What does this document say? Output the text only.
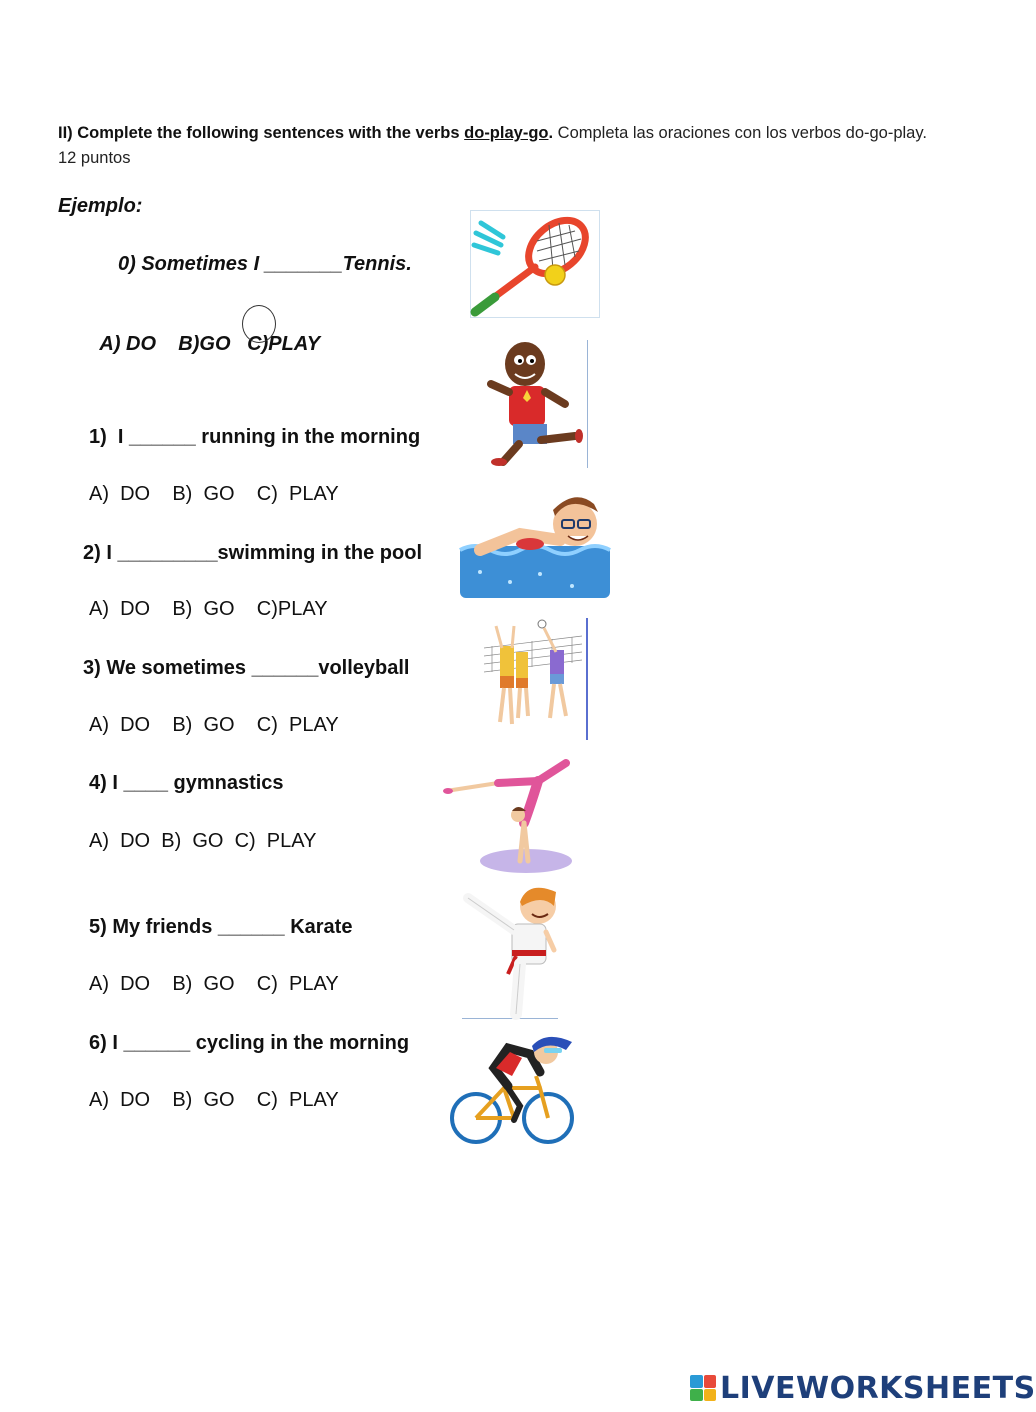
II) Complete the following sentences with the verbs do-play-go. Completa las oraciones con los verbos do-go-play. 12 puntos
Ejemplo:
0) Sometimes I _______Tennis.

A) DO B)GO C)PLAY

1)  I ______ running in the morning
A)  DO    B)  GO    C)  PLAY
2) I _________swimming in the pool
A)  DO    B)  GO    C)PLAY
3) We sometimes ______volleyball
A)  DO    B)  GO    C)  PLAY
4) I ____ gymnastics
A)  DO  B)  GO  C)  PLAY
5) My friends ______ Karate
A)  DO    B)  GO    C)  PLAY
6) I ______ cycling in the morning
A)  DO    B)  GO    C)  PLAY
LIVEWORKSHEETS
